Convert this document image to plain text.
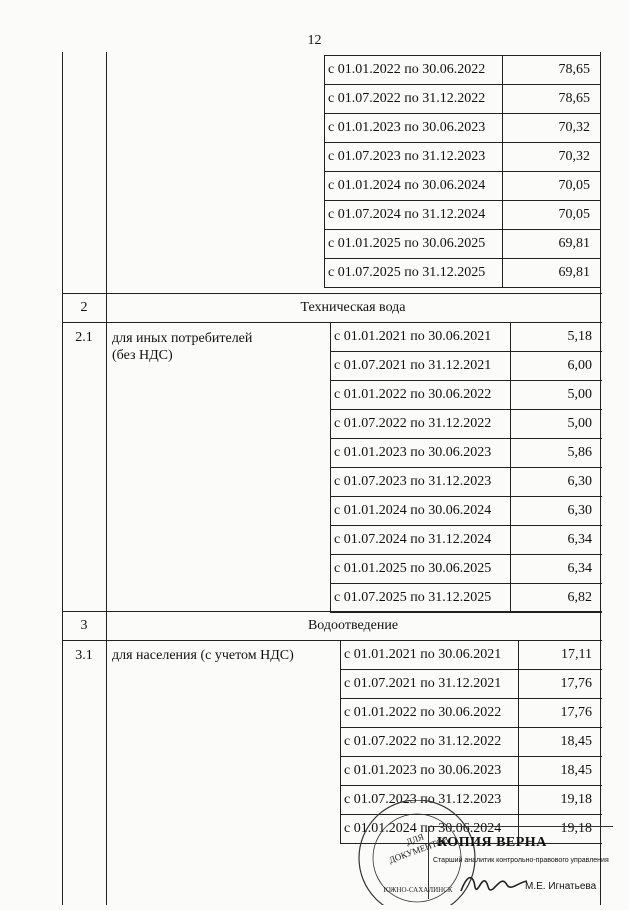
12
с 01.01.2022 по 30.06.2022	78,65
с 01.07.2022 по 31.12.2022	78,65
с 01.01.2023 по 30.06.2023	70,32
с 01.07.2023 по 31.12.2023	70,32
с 01.01.2024 по 30.06.2024	70,05
с 01.07.2024 по 31.12.2024	70,05
с 01.01.2025 по 30.06.2025	69,81
с 01.07.2025 по 31.12.2025	69,81
2	Техническая вода
2.1	для иных потребителей
(без НДС)
с 01.01.2021 по 30.06.2021	5,18
с 01.07.2021 по 31.12.2021	6,00
с 01.01.2022 по 30.06.2022	5,00
с 01.07.2022 по 31.12.2022	5,00
с 01.01.2023 по 30.06.2023	5,86
с 01.07.2023 по 31.12.2023	6,30
с 01.01.2024 по 30.06.2024	6,30
с 01.07.2024 по 31.12.2024	6,34
с 01.01.2025 по 30.06.2025	6,34
с 01.07.2025 по 31.12.2025	6,82
3	Водоотведение
3.1	для населения (с учетом НДС)	с 01.01.2021 по 30.06.2021	17,11
с 01.07.2021 по 31.12.2021	17,76
с 01.01.2022 по 30.06.2022	17,76
с 01.07.2022 по 31.12.2022	18,45
с 01.01.2023 по 30.06.2023	18,45
с 01.07.2023 по 31.12.2023	19,18
с 01.01.2024 по 30.06.2024	19,18
ДЛЯ ДОКУМЕНТОВ
ЮЖНО-САХАЛИНСК
КОПИЯ ВЕРНА
Старший аналитик контрольно-правового управления
М.Е. Игнатьева
